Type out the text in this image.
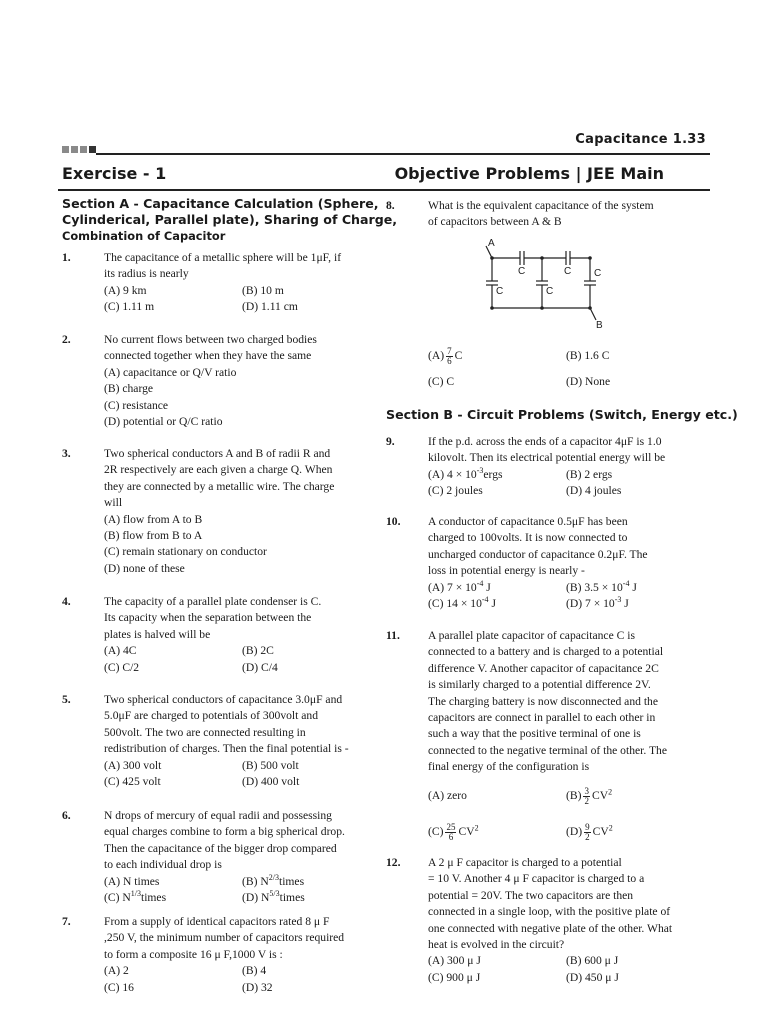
Capacitance 1.33
Exercise - 1	Objective Problems | JEE Main
Section A - Capacitance Calculation (Sphere,
Cylinderical, Parallel plate), Sharing of Charge,
Combination of Capacitor
1.	The capacitance of a metallic sphere will be 1μF, if
its radius is nearly
(A) 9 km	(B) 10 m
(C) 1.11 m	(D) 1.11 cm
2.	No current flows between two charged bodies
connected together when they have the same
(A) capacitance or Q/V ratio
(B) charge
(C) resistance
(D) potential or Q/C ratio
3.	Two spherical conductors A and B of radii R and
2R respectively are each given a charge Q. When
they are connected by a metallic wire. The charge
will
(A) flow from A to B
(B) flow from B to A
(C) remain stationary on conductor
(D) none of these
4.	The capacity of a parallel plate condenser is C.
Its capacity when the separation between the
plates is halved will be
(A) 4C	(B) 2C
(C) C/2	(D) C/4
5.	Two spherical conductors of capacitance 3.0μF and
5.0μF are charged to potentials of 300volt and
500volt. The two are connected resulting in
redistribution of charges. Then the final potential is -
(A) 300 volt	(B) 500 volt
(C) 425 volt	(D) 400 volt
6.	N drops of mercury of equal radii and possessing
equal charges combine to form a big spherical drop.
Then the capacitance of the bigger drop compared
to each individual drop is
(A) N times	(B) $N^{2/3}times$
(C) $N^{1/3}times$	(D) $N^{5/3}times$
7.	From a supply of identical capacitors rated 8 μ F
,250 V, the minimum number of capacitors required
to form a composite 16 μ F,1000 V is :
(A) 2	(B) 4
(C) 16	(D) 32
8.	What is the equivalent capacitance of the system
of capacitors between A & B
A
B
C	C
C	C
C
$(A) \frac{7}{6}$ C	(B) 1.6 C
(C) C	(D) None
Section B - Circuit Problems (Switch, Energy etc.)
9.	If the p.d. across the ends of a capacitor 4μF is 1.0
kilovolt. Then its electrical potential energy will be
(A) $4 \times 10^{-3}ergs$	(B) 2 ergs
(C) 2 joules	(D) 4 joules
10. A conductor of capacitance 0.5μF has been
charged to 100volts. It is now connected to
uncharged conductor of capacitance 0.2μF. The
loss in potential energy is nearly -
(A) $7 \times 10^{-4}$ J	(B) $3.5 \times 10^{-4}$ J
(C) $14 \times 10^{-4}$ J	(D) $7 \times 10^{-3}$ J
11. A parallel plate capacitor of capacitance C is
connected to a battery and is charged to a potential
difference V. Another capacitor of capacitance 2C
is similarly charged to a potential difference 2V.
The charging battery is now disconnected and the
capacitors are connect in parallel to each other in
such a way that the positive terminal of one is
connected to the negative terminal of the other. The
final energy of the configuration is
(A) zero	$(B) \frac{3}{2} CV^2$
$(C) \frac{25}{6} CV^2$	$(D) \frac{9}{2} CV^2$
12. A 2 μ F capacitor is charged to a potential
= 10 V. Another 4 μ F capacitor is charged to a
potential = 20V. The two capacitors are then
connected in a single loop, with the positive plate of
one connected with negative plate of the other. What
heat is evolved in the circuit?
(A) 300 μ J	(B) 600 μ J
(C) 900 μ J	(D) 450 μ J
